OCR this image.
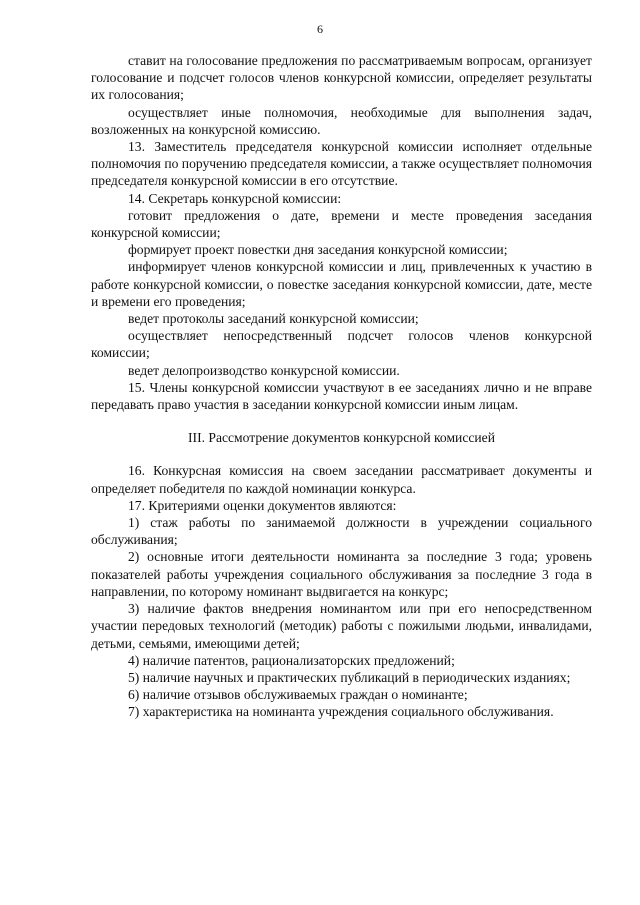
6

ставит на голосование предложения по рассматриваемым вопросам, организует голосование и подсчет голосов членов конкурсной комиссии, определяет результаты их голосования;

осуществляет иные полномочия, необходимые для выполнения задач, возложенных на конкурсной комиссию.

13. Заместитель председателя конкурсной комиссии исполняет отдельные полномочия по поручению председателя комиссии, а также осуществляет полномочия председателя конкурсной комиссии в его отсутствие.

14. Секретарь конкурсной комиссии:

готовит предложения о дате, времени и месте проведения заседания конкурсной комиссии;

формирует проект повестки дня заседания конкурсной комиссии;

информирует членов конкурсной комиссии и лиц, привлеченных к участию в работе конкурсной комиссии, о повестке заседания конкурсной комиссии, дате, месте и времени его проведения;

ведет протоколы заседаний конкурсной комиссии;

осуществляет непосредственный подсчет голосов членов конкурсной комиссии;

ведет делопроизводство конкурсной комиссии.

15. Члены конкурсной комиссии участвуют в ее заседаниях лично и не вправе передавать право участия в заседании конкурсной комиссии иным лицам.

III. Рассмотрение документов конкурсной комиссией

16. Конкурсная комиссия на своем заседании рассматривает документы и определяет победителя по каждой номинации конкурса.

17. Критериями оценки документов являются:

1) стаж работы по занимаемой должности в учреждении социального обслуживания;

2) основные итоги деятельности номинанта за последние 3 года; уровень показателей работы учреждения социального обслуживания за последние 3 года в направлении, по которому номинант выдвигается на конкурс;

3) наличие фактов внедрения номинантом или при его непосредственном участии передовых технологий (методик) работы с пожилыми людьми, инвалидами, детьми, семьями, имеющими детей;

4) наличие патентов, рационализаторских предложений;

5) наличие научных и практических публикаций в периодических изданиях;

6) наличие отзывов обслуживаемых граждан о номинанте;

7) характеристика на номинанта учреждения социального обслуживания.
